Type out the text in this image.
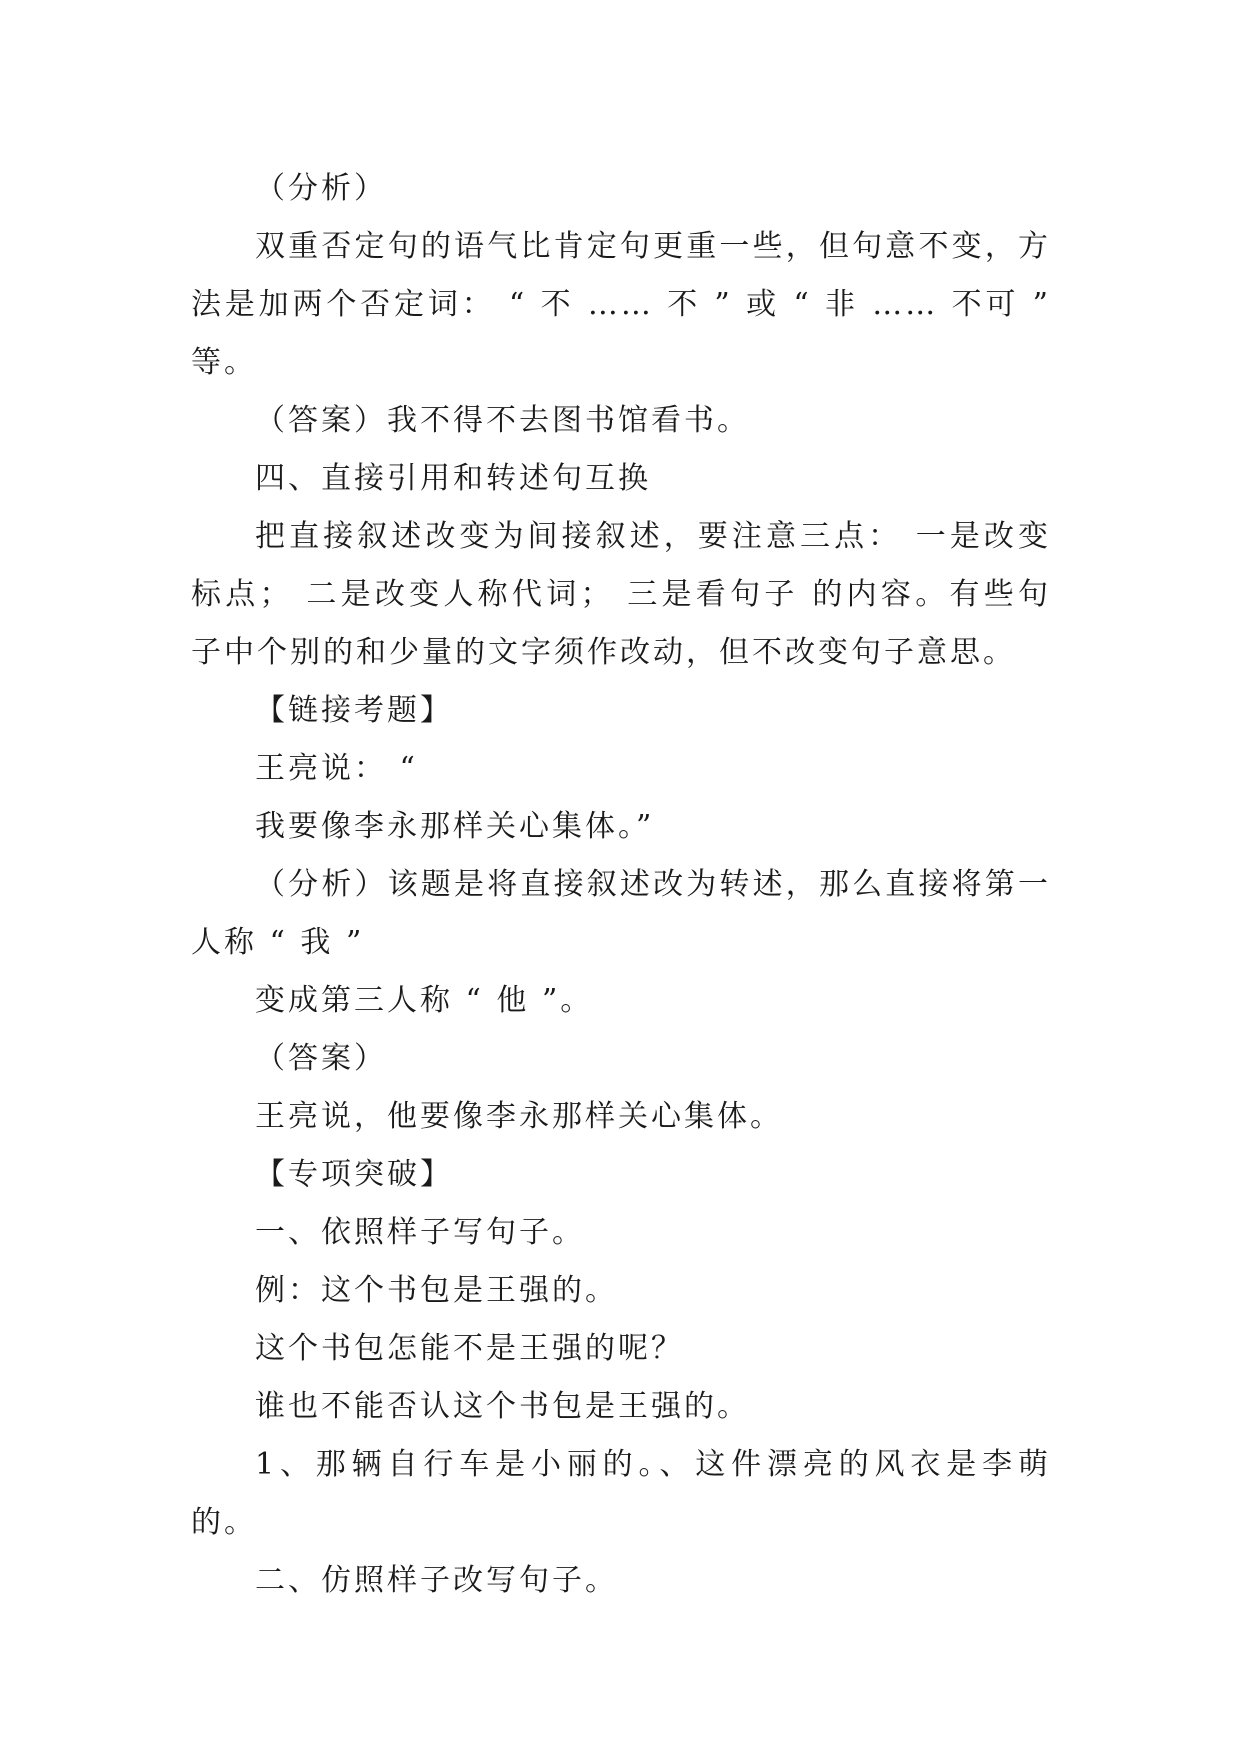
（分析）

双重否定句的语气比肯定句更重一些，但句意不变，方法是加两个否定词： “ 不 …… 不 ” 或 “ 非 …… 不可 ” 等。

（答案）我不得不去图书馆看书。

四、直接引用和转述句互换

把直接叙述改变为间接叙述，要注意三点： 一是改变标点； 二是改变人称代词； 三是看句子 的内容。有些句子中个别的和少量的文字须作改动，但不改变句子意思。

【链接考题】

王亮说： “

我要像李永那样关心集体。”

（分析）该题是将直接叙述改为转述，那么直接将第一人称 “ 我 ”

变成第三人称 “ 他 ”。

（答案）

王亮说，他要像李永那样关心集体。

【专项突破】

一、依照样子写句子。

例：这个书包是王强的。

这个书包怎能不是王强的呢？

谁也不能否认这个书包是王强的。

1、那辆自行车是小丽的。、这件漂亮的风衣是李萌的。

二、仿照样子改写句子。
